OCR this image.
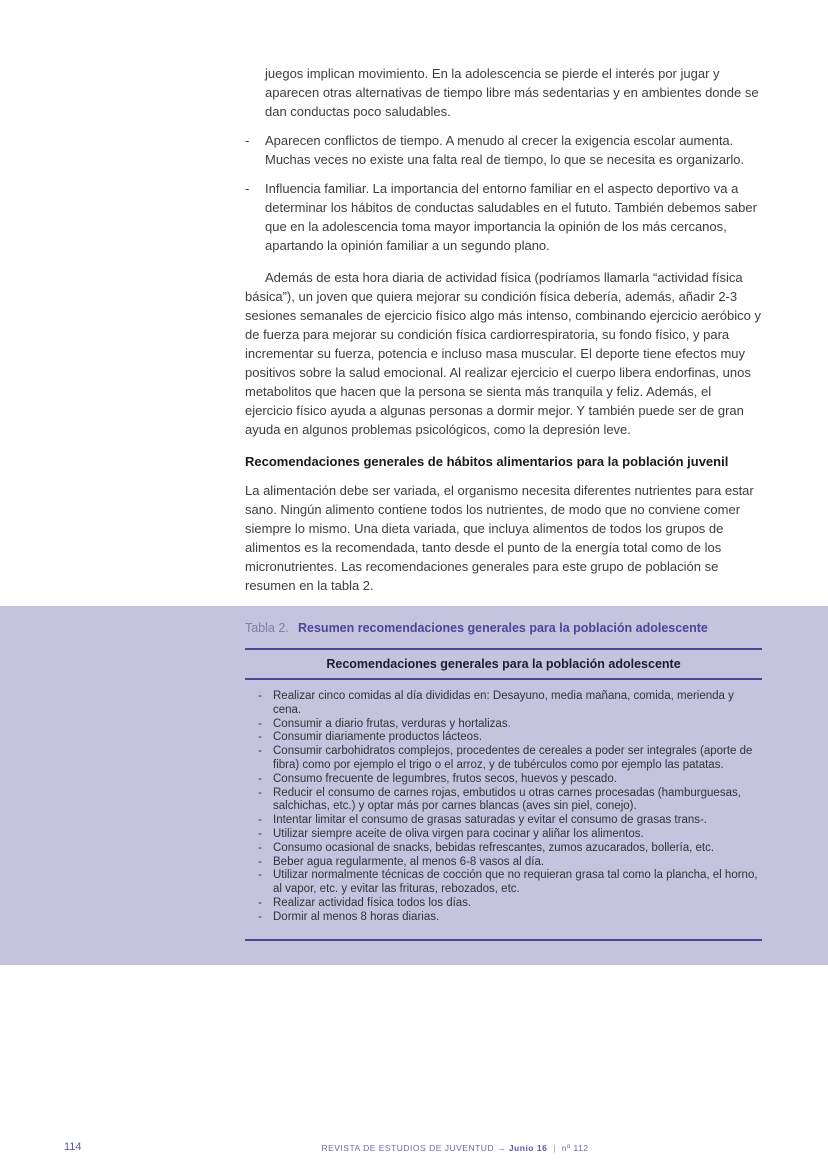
juegos implican movimiento. En la adolescencia se pierde el interés por jugar y aparecen otras alternativas de tiempo libre más sedentarias y en ambientes donde se dan conductas poco saludables.

-	Aparecen conflictos de tiempo. A menudo al crecer la exigencia escolar aumenta. Muchas veces no existe una falta real de tiempo, lo que se necesita es organizarlo.

-	Influencia familiar. La importancia del entorno familiar en el aspecto deportivo va a determinar los hábitos de conductas saludables en el fututo. También debemos saber que en la adolescencia toma mayor importancia la opinión de los más cercanos, apartando la opinión familiar a un segundo plano.

Además de esta hora diaria de actividad física (podríamos llamarla “actividad física básica”), un joven que quiera mejorar su condición física debería, además, añadir 2-3 sesiones semanales de ejercicio físico algo más intenso, combinando ejercicio aeróbico y de fuerza para mejorar su condición física cardiorrespiratoria, su fondo físico, y para incrementar su fuerza, potencia e incluso masa muscular. El deporte tiene efectos muy positivos sobre la salud emocional. Al realizar ejercicio el cuerpo libera endorfinas, unos metabolitos que hacen que la persona se sienta más tranquila y feliz. Además, el ejercicio físico ayuda a algunas personas a dormir mejor. Y también puede ser de gran ayuda en algunos problemas psicológicos, como la depresión leve.

Recomendaciones generales de hábitos alimentarios para la población juvenil

La alimentación debe ser variada, el organismo necesita diferentes nutrientes para estar sano. Ningún alimento contiene todos los nutrientes, de modo que no conviene comer siempre lo mismo. Una dieta variada, que incluya alimentos de todos los grupos de alimentos es la recomendada, tanto desde el punto de la energía total como de los micronutrientes. Las recomendaciones generales para este grupo de población se resumen en la tabla 2.

Tabla 2. Resumen recomendaciones generales para la población adolescente
Recomendaciones generales para la población adolescente
- Realizar cinco comidas al día divididas en: Desayuno, media mañana, comida, merienda y cena.
- Consumir a diario frutas, verduras y hortalizas.
- Consumir diariamente productos lácteos.
- Consumir carbohidratos complejos, procedentes de cereales a poder ser integrales (aporte de fibra) como por ejemplo el trigo o el arroz, y de tubérculos como por ejemplo las patatas.
- Consumo frecuente de legumbres, frutos secos, huevos y pescado.
- Reducir el consumo de carnes rojas, embutidos u otras carnes procesadas (hamburguesas, salchichas, etc.) y optar más por carnes blancas (aves sin piel, conejo).
- Intentar limitar el consumo de grasas saturadas y evitar el consumo de grasas trans-.
- Utilizar siempre aceite de oliva virgen para cocinar y aliñar los alimentos.
- Consumo ocasional de snacks, bebidas refrescantes, zumos azucarados, bollería, etc.
- Beber agua regularmente, al menos 6-8 vasos al día.
- Utilizar normalmente técnicas de cocción que no requieran grasa tal como la plancha, el horno, al vapor, etc. y evitar las frituras, rebozados, etc.
- Realizar actividad física todos los días.
- Dormir al menos 8 horas diarias.
114	REVISTA DE ESTUDIOS DE JUVENTUD → Junio 16 | nº 112
